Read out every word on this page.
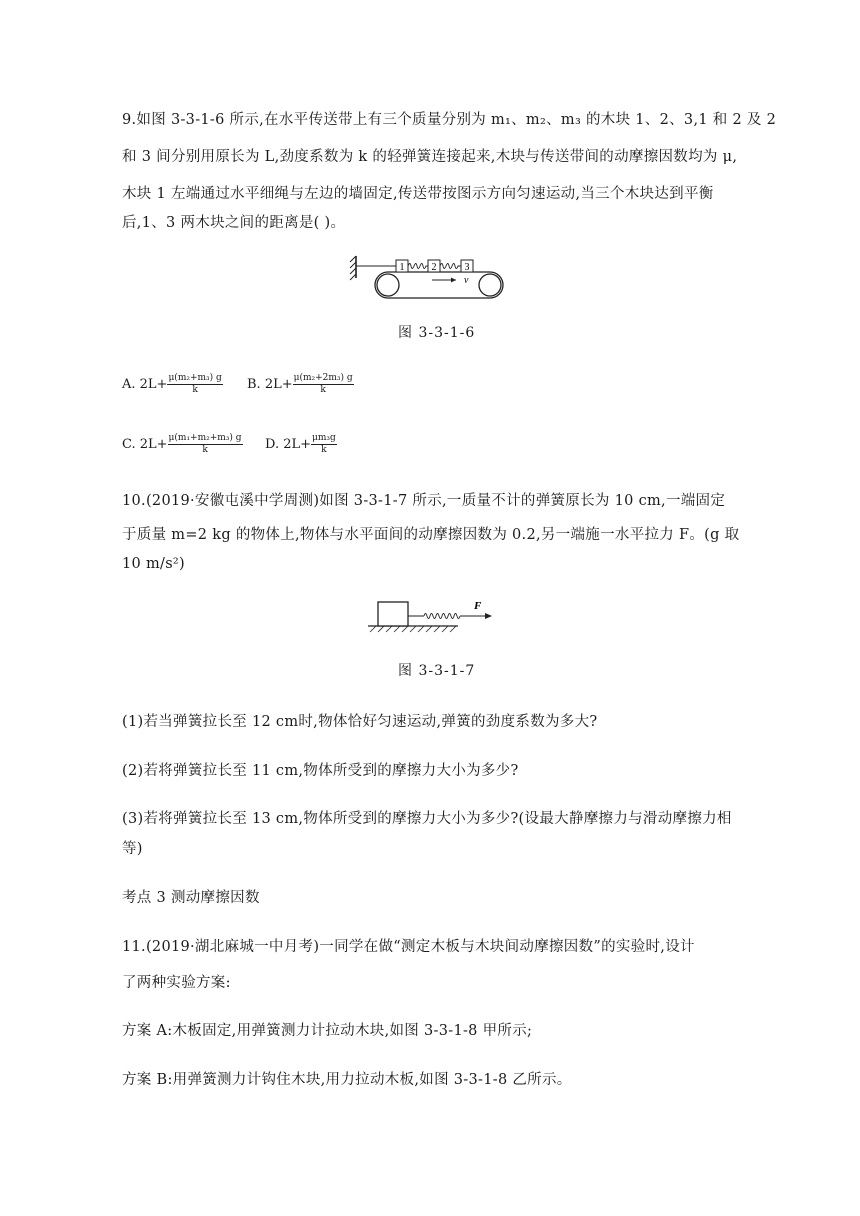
9.如图 3-3-1-6 所示,在水平传送带上有三个质量分别为 m₁、m₂、m₃ 的木块 1、2、3,1 和 2 及 2
和 3 间分别用原长为 L,劲度系数为 k 的轻弹簧连接起来,木块与传送带间的动摩擦因数均为 μ,
木块 1 左端通过水平细绳与左边的墙固定,传送带按图示方向匀速运动,当三个木块达到平衡
后,1、3 两木块之间的距离是( )。
1	2	3
v
图 3-3-1-6
A. $2L+ \frac{\text{μ(m₂+m₃) g}}{k} B$. $2L+ \frac{\text{μ(m₂+2m₃) g}}{k}$
C. $2L+ \frac{\text{μ(m₁+m₂+m₃) g}}{k} D$. $2L+ \frac{\text{μm₃g}}{k}$
10.(2019·安徽屯溪中学周测)如图 3-3-1-7 所示,一质量不计的弹簧原长为 10 cm,一端固定
于质量 m=2 kg 的物体上,物体与水平面间的动摩擦因数为 0.2,另一端施一水平拉力 F。(g 取
10 m/s²)
F
图 3-3-1-7
(1)若当弹簧拉长至 12 cm时,物体恰好匀速运动,弹簧的劲度系数为多大?
(2)若将弹簧拉长至 11 cm,物体所受到的摩擦力大小为多少?
(3)若将弹簧拉长至 13 cm,物体所受到的摩擦力大小为多少?(设最大静摩擦力与滑动摩擦力相
等)
考点 3 测动摩擦因数
11.(2019·湖北麻城一中月考)一同学在做“测定木板与木块间动摩擦因数”的实验时,设计
了两种实验方案:
方案 A:木板固定,用弹簧测力计拉动木块,如图 3-3-1-8 甲所示;
方案 B:用弹簧测力计钩住木块,用力拉动木板,如图 3-3-1-8 乙所示。
